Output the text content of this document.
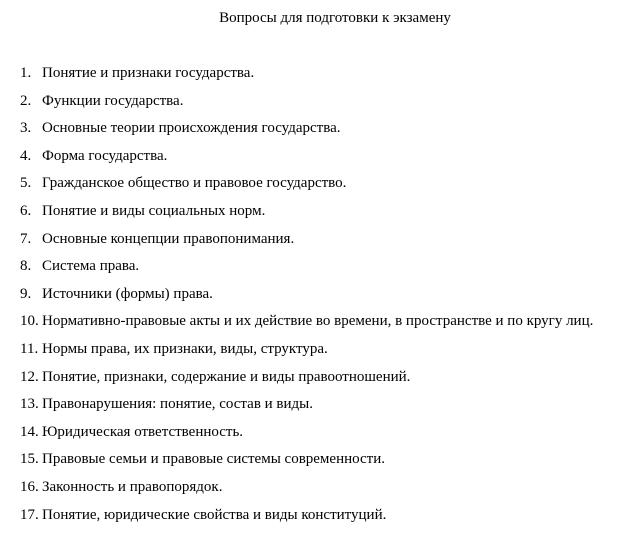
Вопросы для подготовки к экзамену
1. Понятие и признаки государства.
2. Функции государства.
3. Основные теории происхождения государства.
4. Форма государства.
5. Гражданское общество и правовое государство.
6. Понятие и виды социальных норм.
7. Основные концепции правопонимания.
8. Система права.
9. Источники (формы) права.
10. Нормативно-правовые акты и их действие во времени, в пространстве и по кругу лиц.
11. Нормы права, их признаки, виды, структура.
12. Понятие, признаки, содержание и виды правоотношений.
13. Правонарушения: понятие, состав и виды.
14. Юридическая ответственность.
15. Правовые семьи и правовые системы современности.
16. Законность и правопорядок.
17. Понятие, юридические свойства и виды конституций.
